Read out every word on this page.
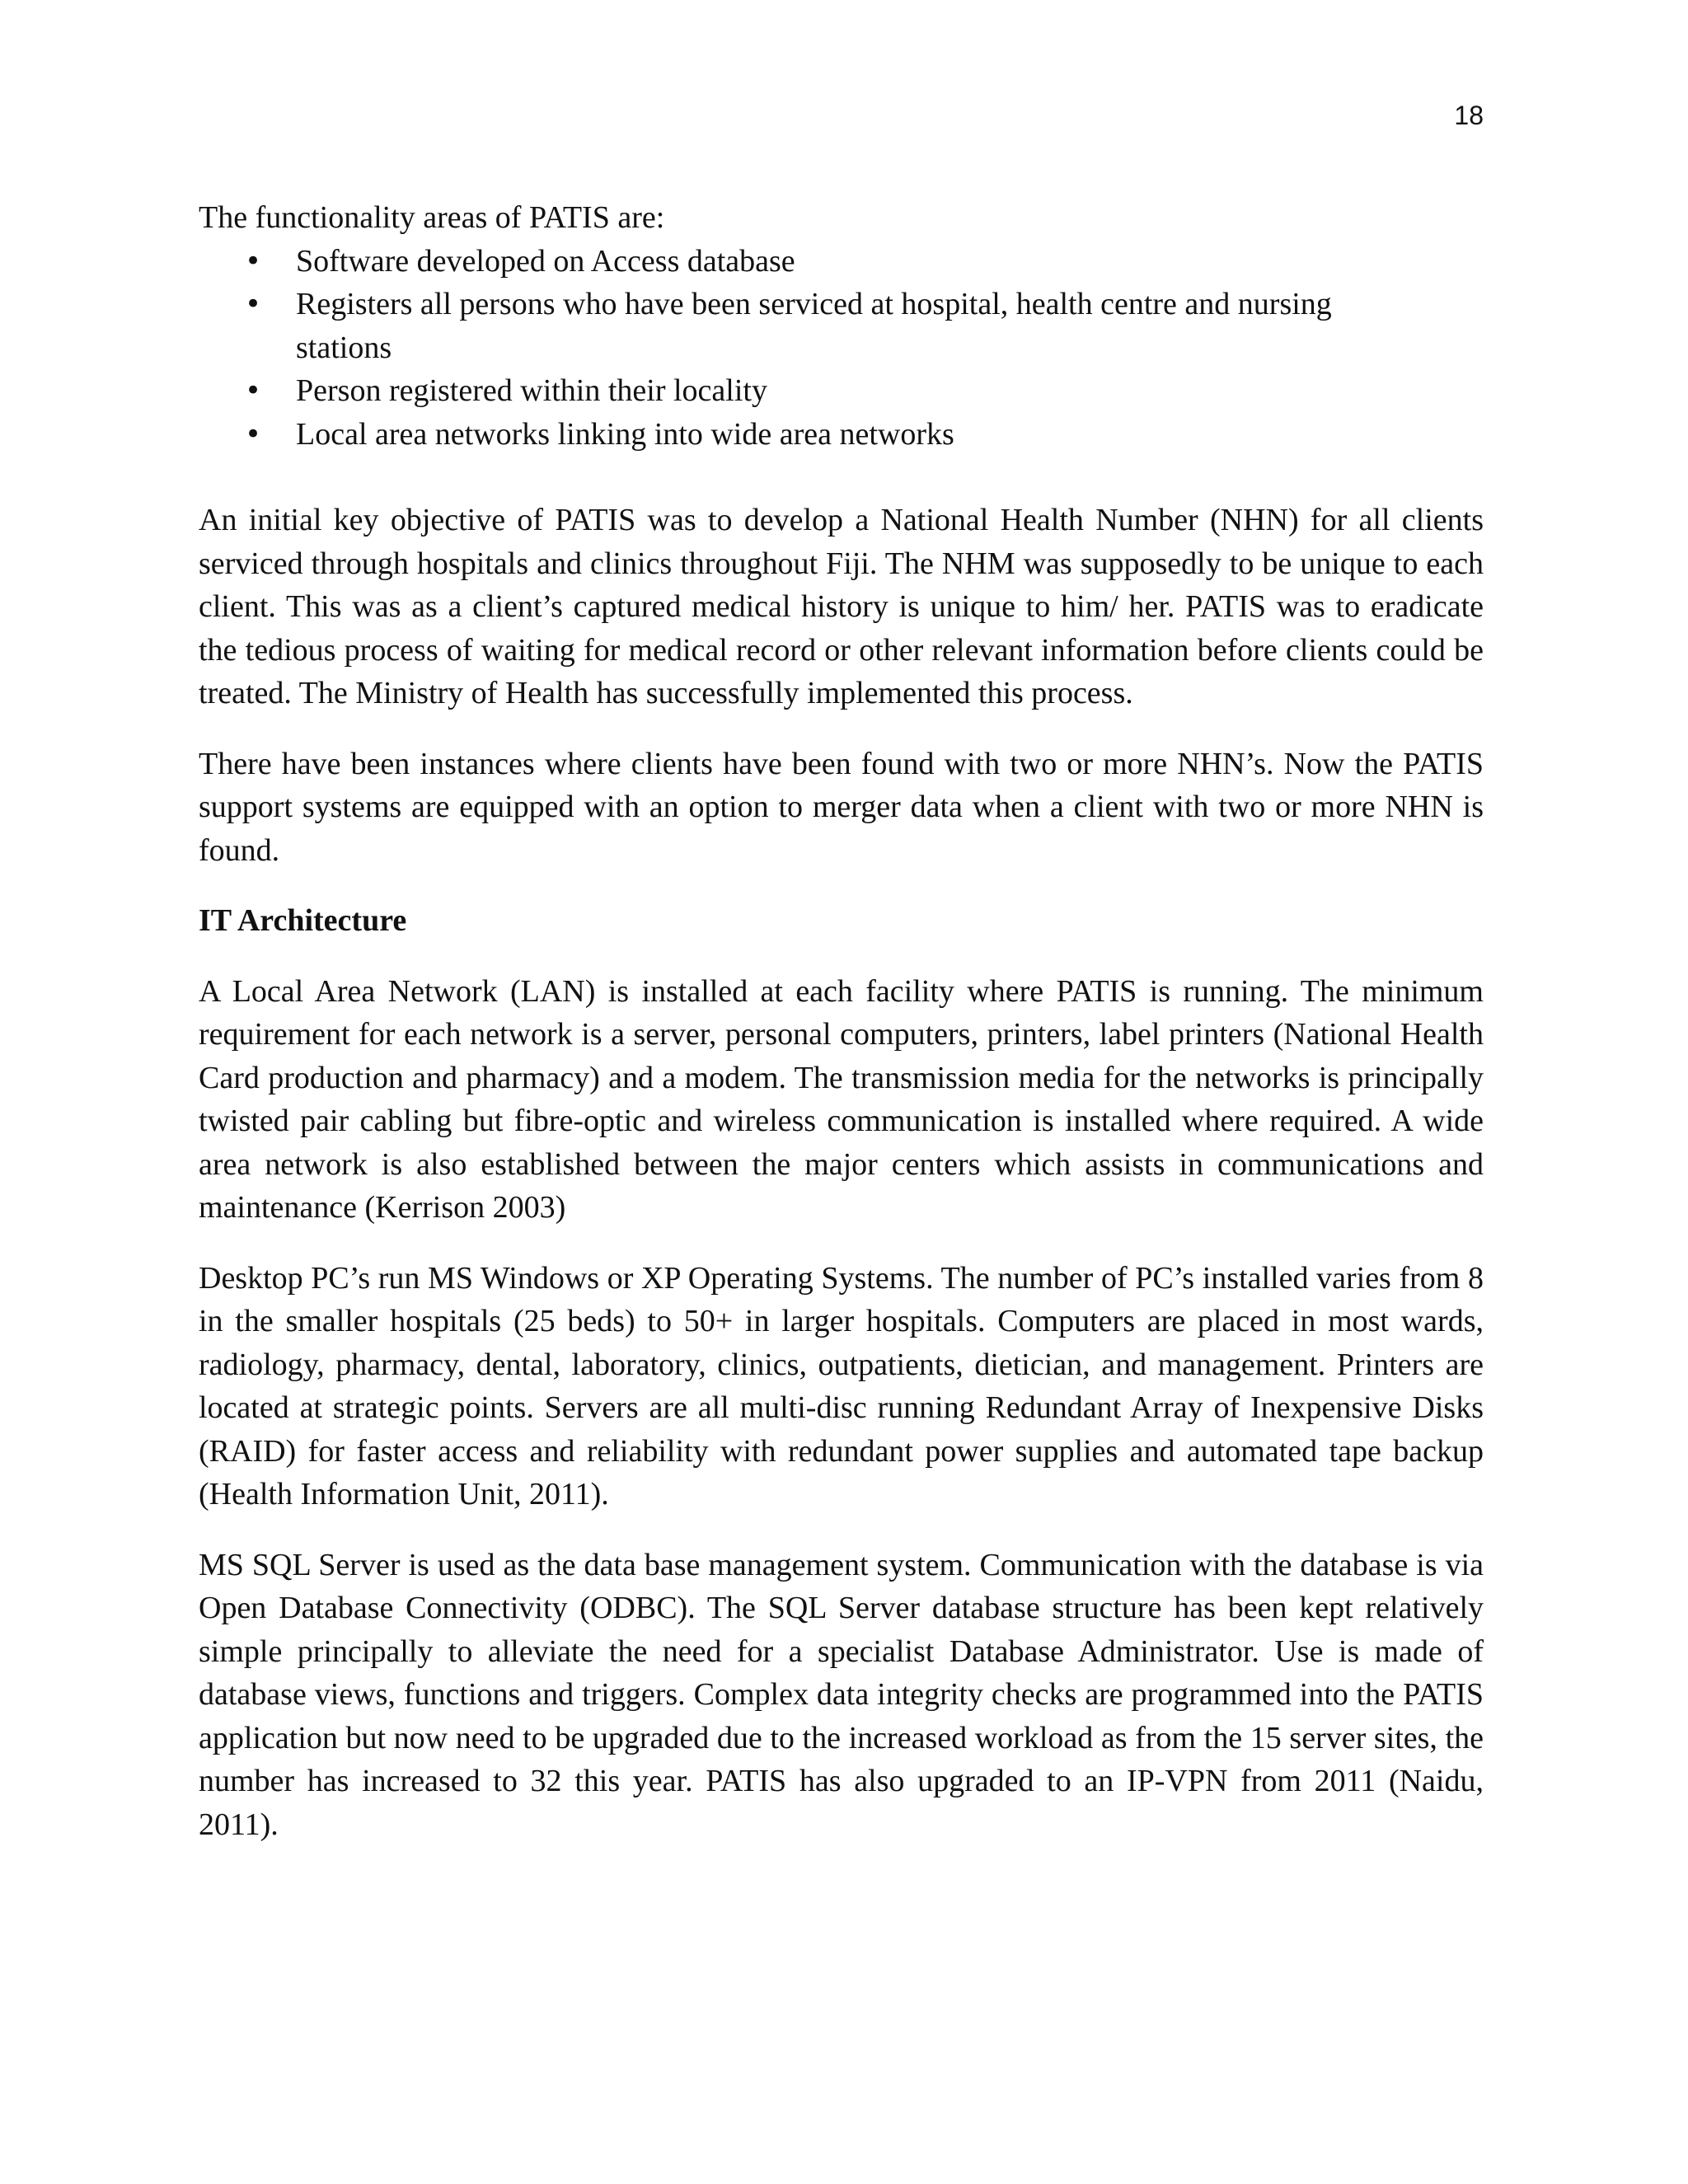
18

The functionality areas of PATIS are:

• Software developed on Access database
• Registers all persons who have been serviced at hospital, health centre and nursing stations
• Person registered within their locality
• Local area networks linking into wide area networks

An initial key objective of PATIS was to develop a National Health Number (NHN) for all clients serviced through hospitals and clinics throughout Fiji. The NHM was supposedly to be unique to each client. This was as a client’s captured medical history is unique to him/ her. PATIS was to eradicate the tedious process of waiting for medical record or other relevant information before clients could be treated. The Ministry of Health has successfully implemented this process.

There have been instances where clients have been found with two or more NHN’s. Now the PATIS support systems are equipped with an option to merger data when a client with two or more NHN is found.

IT Architecture

A Local Area Network (LAN) is installed at each facility where PATIS is running. The minimum requirement for each network is a server, personal computers, printers, label printers (National Health Card production and pharmacy) and a modem. The transmission media for the networks is principally twisted pair cabling but fibre-optic and wireless communication is installed where required. A wide area network is also established between the major centers which assists in communications and maintenance (Kerrison 2003)

Desktop PC’s run MS Windows or XP Operating Systems. The number of PC’s installed varies from 8 in the smaller hospitals (25 beds) to 50+ in larger hospitals. Computers are placed in most wards, radiology, pharmacy, dental, laboratory, clinics, outpatients, dietician, and management. Printers are located at strategic points. Servers are all multi-disc running Redundant Array of Inexpensive Disks (RAID) for faster access and reliability with redundant power supplies and automated tape backup (Health Information Unit, 2011).

MS SQL Server is used as the data base management system. Communication with the database is via Open Database Connectivity (ODBC). The SQL Server database structure has been kept relatively simple principally to alleviate the need for a specialist Database Administrator. Use is made of database views, functions and triggers. Complex data integrity checks are programmed into the PATIS application but now need to be upgraded due to the increased workload as from the 15 server sites, the number has increased to 32 this year. PATIS has also upgraded to an IP-VPN from 2011 (Naidu, 2011).
